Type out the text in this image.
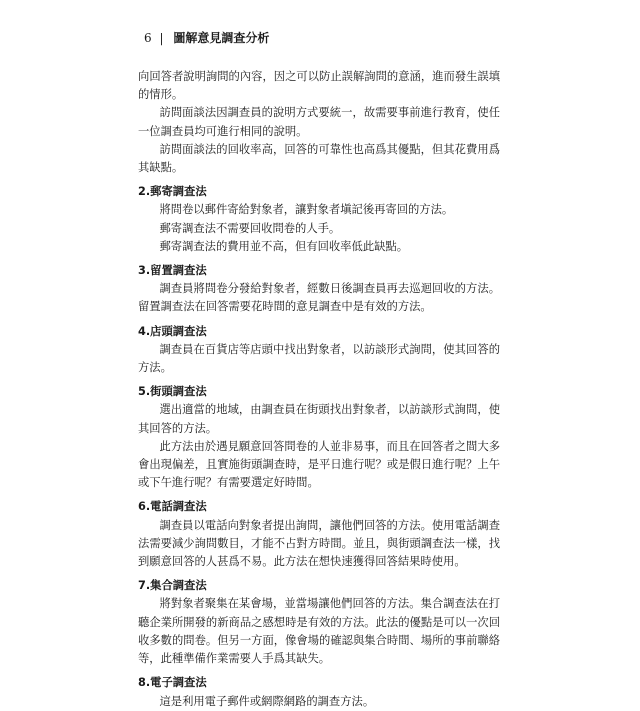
6 | 圖解意見調查分析

向回答者說明詢問的內容，因之可以防止誤解詢問的意涵，進而發生誤填的情形。

訪問面談法因調查員的說明方式要統一，故需要事前進行教育，使任一位調查員均可進行相同的說明。

訪問面談法的回收率高，回答的可靠性也高爲其優點，但其花費用爲其缺點。

2.郵寄調查法

將問卷以郵件寄給對象者，讓對象者塡記後再寄回的方法。

郵寄調查法不需要回收問卷的人手。

郵寄調查法的費用並不高，但有回收率低此缺點。

3.留置調查法

調查員將問卷分發給對象者，經數日後調查員再去巡迴回收的方法。留置調查法在回答需要花時間的意見調查中是有效的方法。

4.店頭調查法

調查員在百貨店等店頭中找出對象者，以訪談形式詢問，使其回答的方法。

5.街頭調查法

選出適當的地域，由調查員在街頭找出對象者，以訪談形式詢問，使其回答的方法。

此方法由於遇見願意回答問卷的人並非易事，而且在回答者之間大多會出現偏差，且實施街頭調查時，是平日進行呢？或是假日進行呢？上午或下午進行呢？有需要選定好時間。

6.電話調查法

調查員以電話向對象者提出詢問，讓他們回答的方法。使用電話調查法需要減少詢問數目，才能不占對方時間。並且，與街頭調查法一樣，找到願意回答的人甚爲不易。此方法在想快速獲得回答結果時使用。

7.集合調查法

將對象者聚集在某會場，並當場讓他們回答的方法。集合調查法在打聽企業所開發的新商品之感想時是有效的方法。此法的優點是可以一次回收多數的問卷。但另一方面，像會場的確認與集合時間、場所的事前聯絡等，此種準備作業需要人手爲其缺失。

8.電子調查法

這是利用電子郵件或網際網路的調查方法。
